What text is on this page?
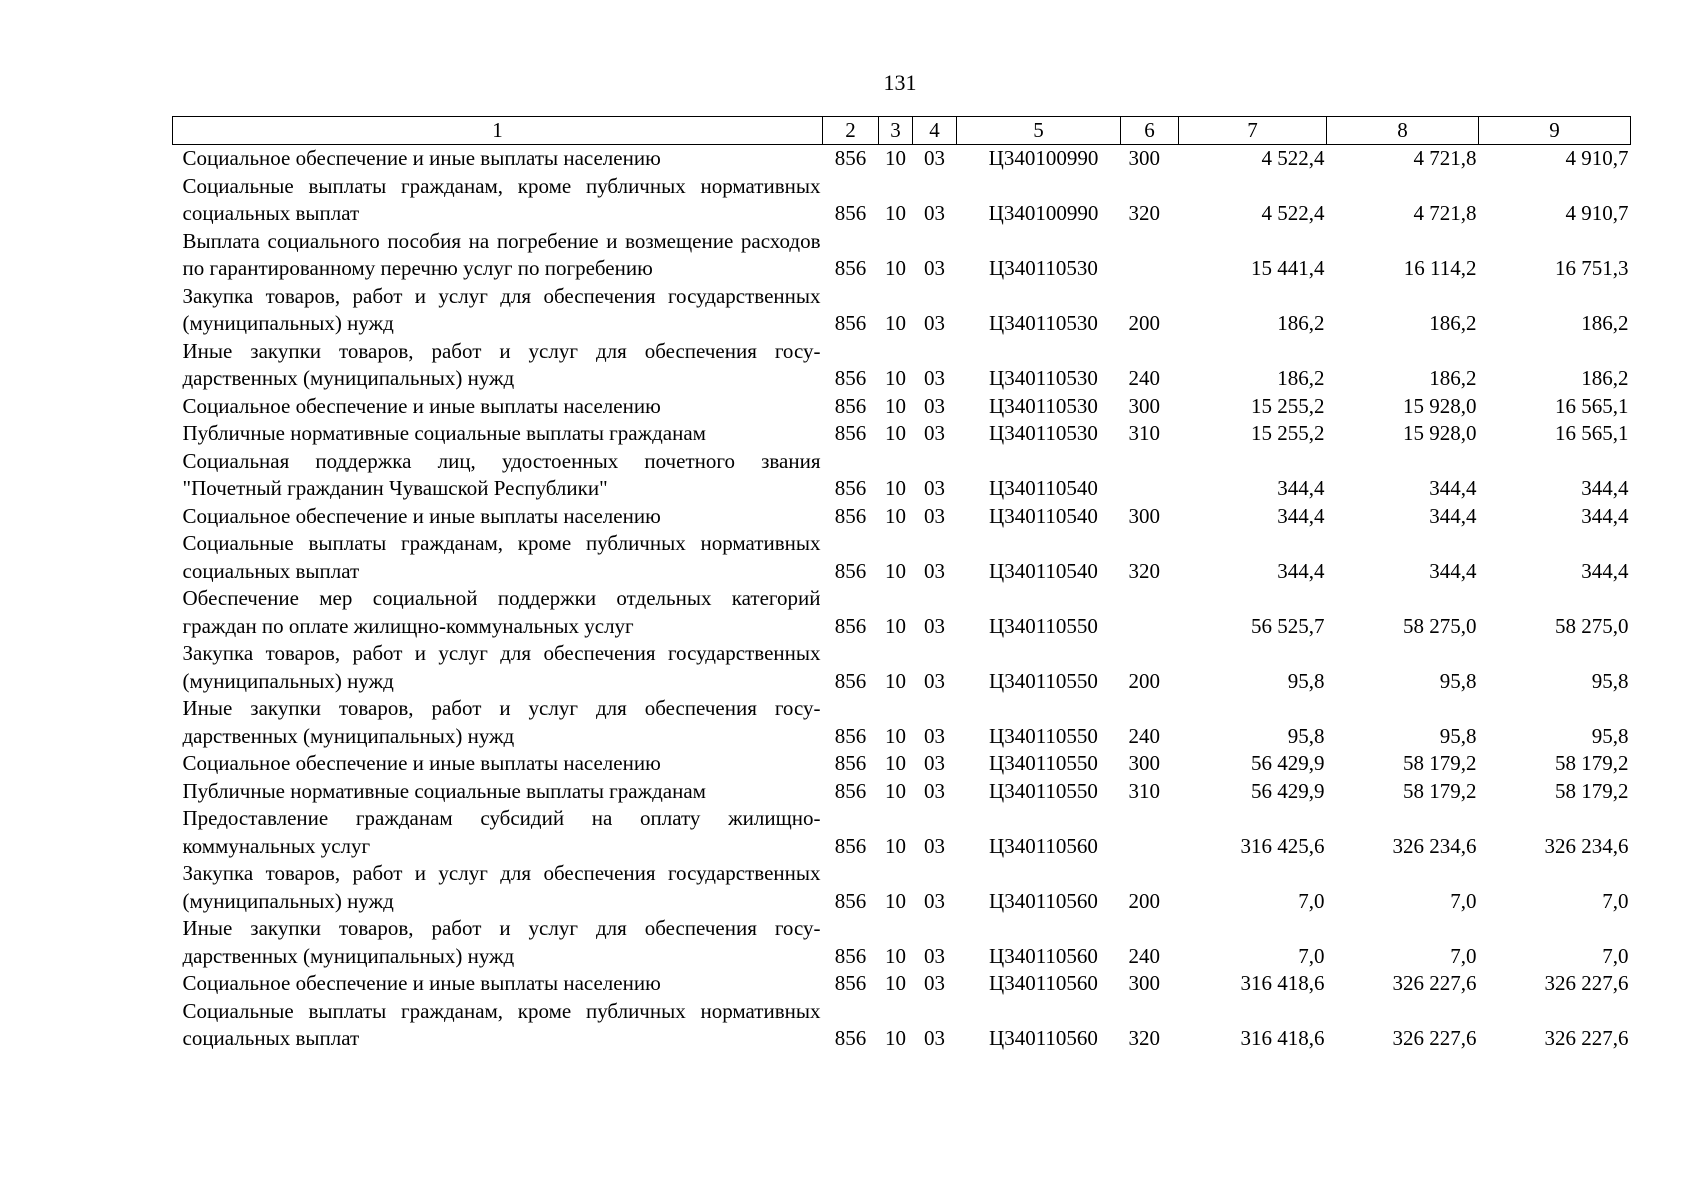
131
1	2	3	4	5	6	7	8	9
Социальное обеспечение и иные выплаты населению	856	10	03	Ц340100990	300	4 522,4	4 721,8	4 910,7
Социальные выплаты гражданам, кроме публичных нормативных социальных выплат	856	10	03	Ц340100990	320	4 522,4	4 721,8	4 910,7
Выплата социального пособия на погребение и возмещение расходов по гарантированному перечню услуг по погребению	856	10	03	Ц340110530		15 441,4	16 114,2	16 751,3
Закупка товаров, работ и услуг для обеспечения государственных (муниципальных) нужд	856	10	03	Ц340110530	200	186,2	186,2	186,2
Иные закупки товаров, работ и услуг для обеспечения государственных (муниципальных) нужд	856	10	03	Ц340110530	240	186,2	186,2	186,2
Социальное обеспечение и иные выплаты населению	856	10	03	Ц340110530	300	15 255,2	15 928,0	16 565,1
Публичные нормативные социальные выплаты гражданам	856	10	03	Ц340110530	310	15 255,2	15 928,0	16 565,1
Социальная поддержка лиц, удостоенных почетного звания "Почетный гражданин Чувашской Республики"	856	10	03	Ц340110540		344,4	344,4	344,4
Социальное обеспечение и иные выплаты населению	856	10	03	Ц340110540	300	344,4	344,4	344,4
Социальные выплаты гражданам, кроме публичных нормативных социальных выплат	856	10	03	Ц340110540	320	344,4	344,4	344,4
Обеспечение мер социальной поддержки отдельных категорий граждан по оплате жилищно-коммунальных услуг	856	10	03	Ц340110550		56 525,7	58 275,0	58 275,0
Закупка товаров, работ и услуг для обеспечения государственных (муниципальных) нужд	856	10	03	Ц340110550	200	95,8	95,8	95,8
Иные закупки товаров, работ и услуг для обеспечения государственных (муниципальных) нужд	856	10	03	Ц340110550	240	95,8	95,8	95,8
Социальное обеспечение и иные выплаты населению	856	10	03	Ц340110550	300	56 429,9	58 179,2	58 179,2
Публичные нормативные социальные выплаты гражданам	856	10	03	Ц340110550	310	56 429,9	58 179,2	58 179,2
Предоставление гражданам субсидий на оплату жилищно-коммунальных услуг	856	10	03	Ц340110560		316 425,6	326 234,6	326 234,6
Закупка товаров, работ и услуг для обеспечения государственных (муниципальных) нужд	856	10	03	Ц340110560	200	7,0	7,0	7,0
Иные закупки товаров, работ и услуг для обеспечения государственных (муниципальных) нужд	856	10	03	Ц340110560	240	7,0	7,0	7,0
Социальное обеспечение и иные выплаты населению	856	10	03	Ц340110560	300	316 418,6	326 227,6	326 227,6
Социальные выплаты гражданам, кроме публичных нормативных социальных выплат	856	10	03	Ц340110560	320	316 418,6	326 227,6	326 227,6
